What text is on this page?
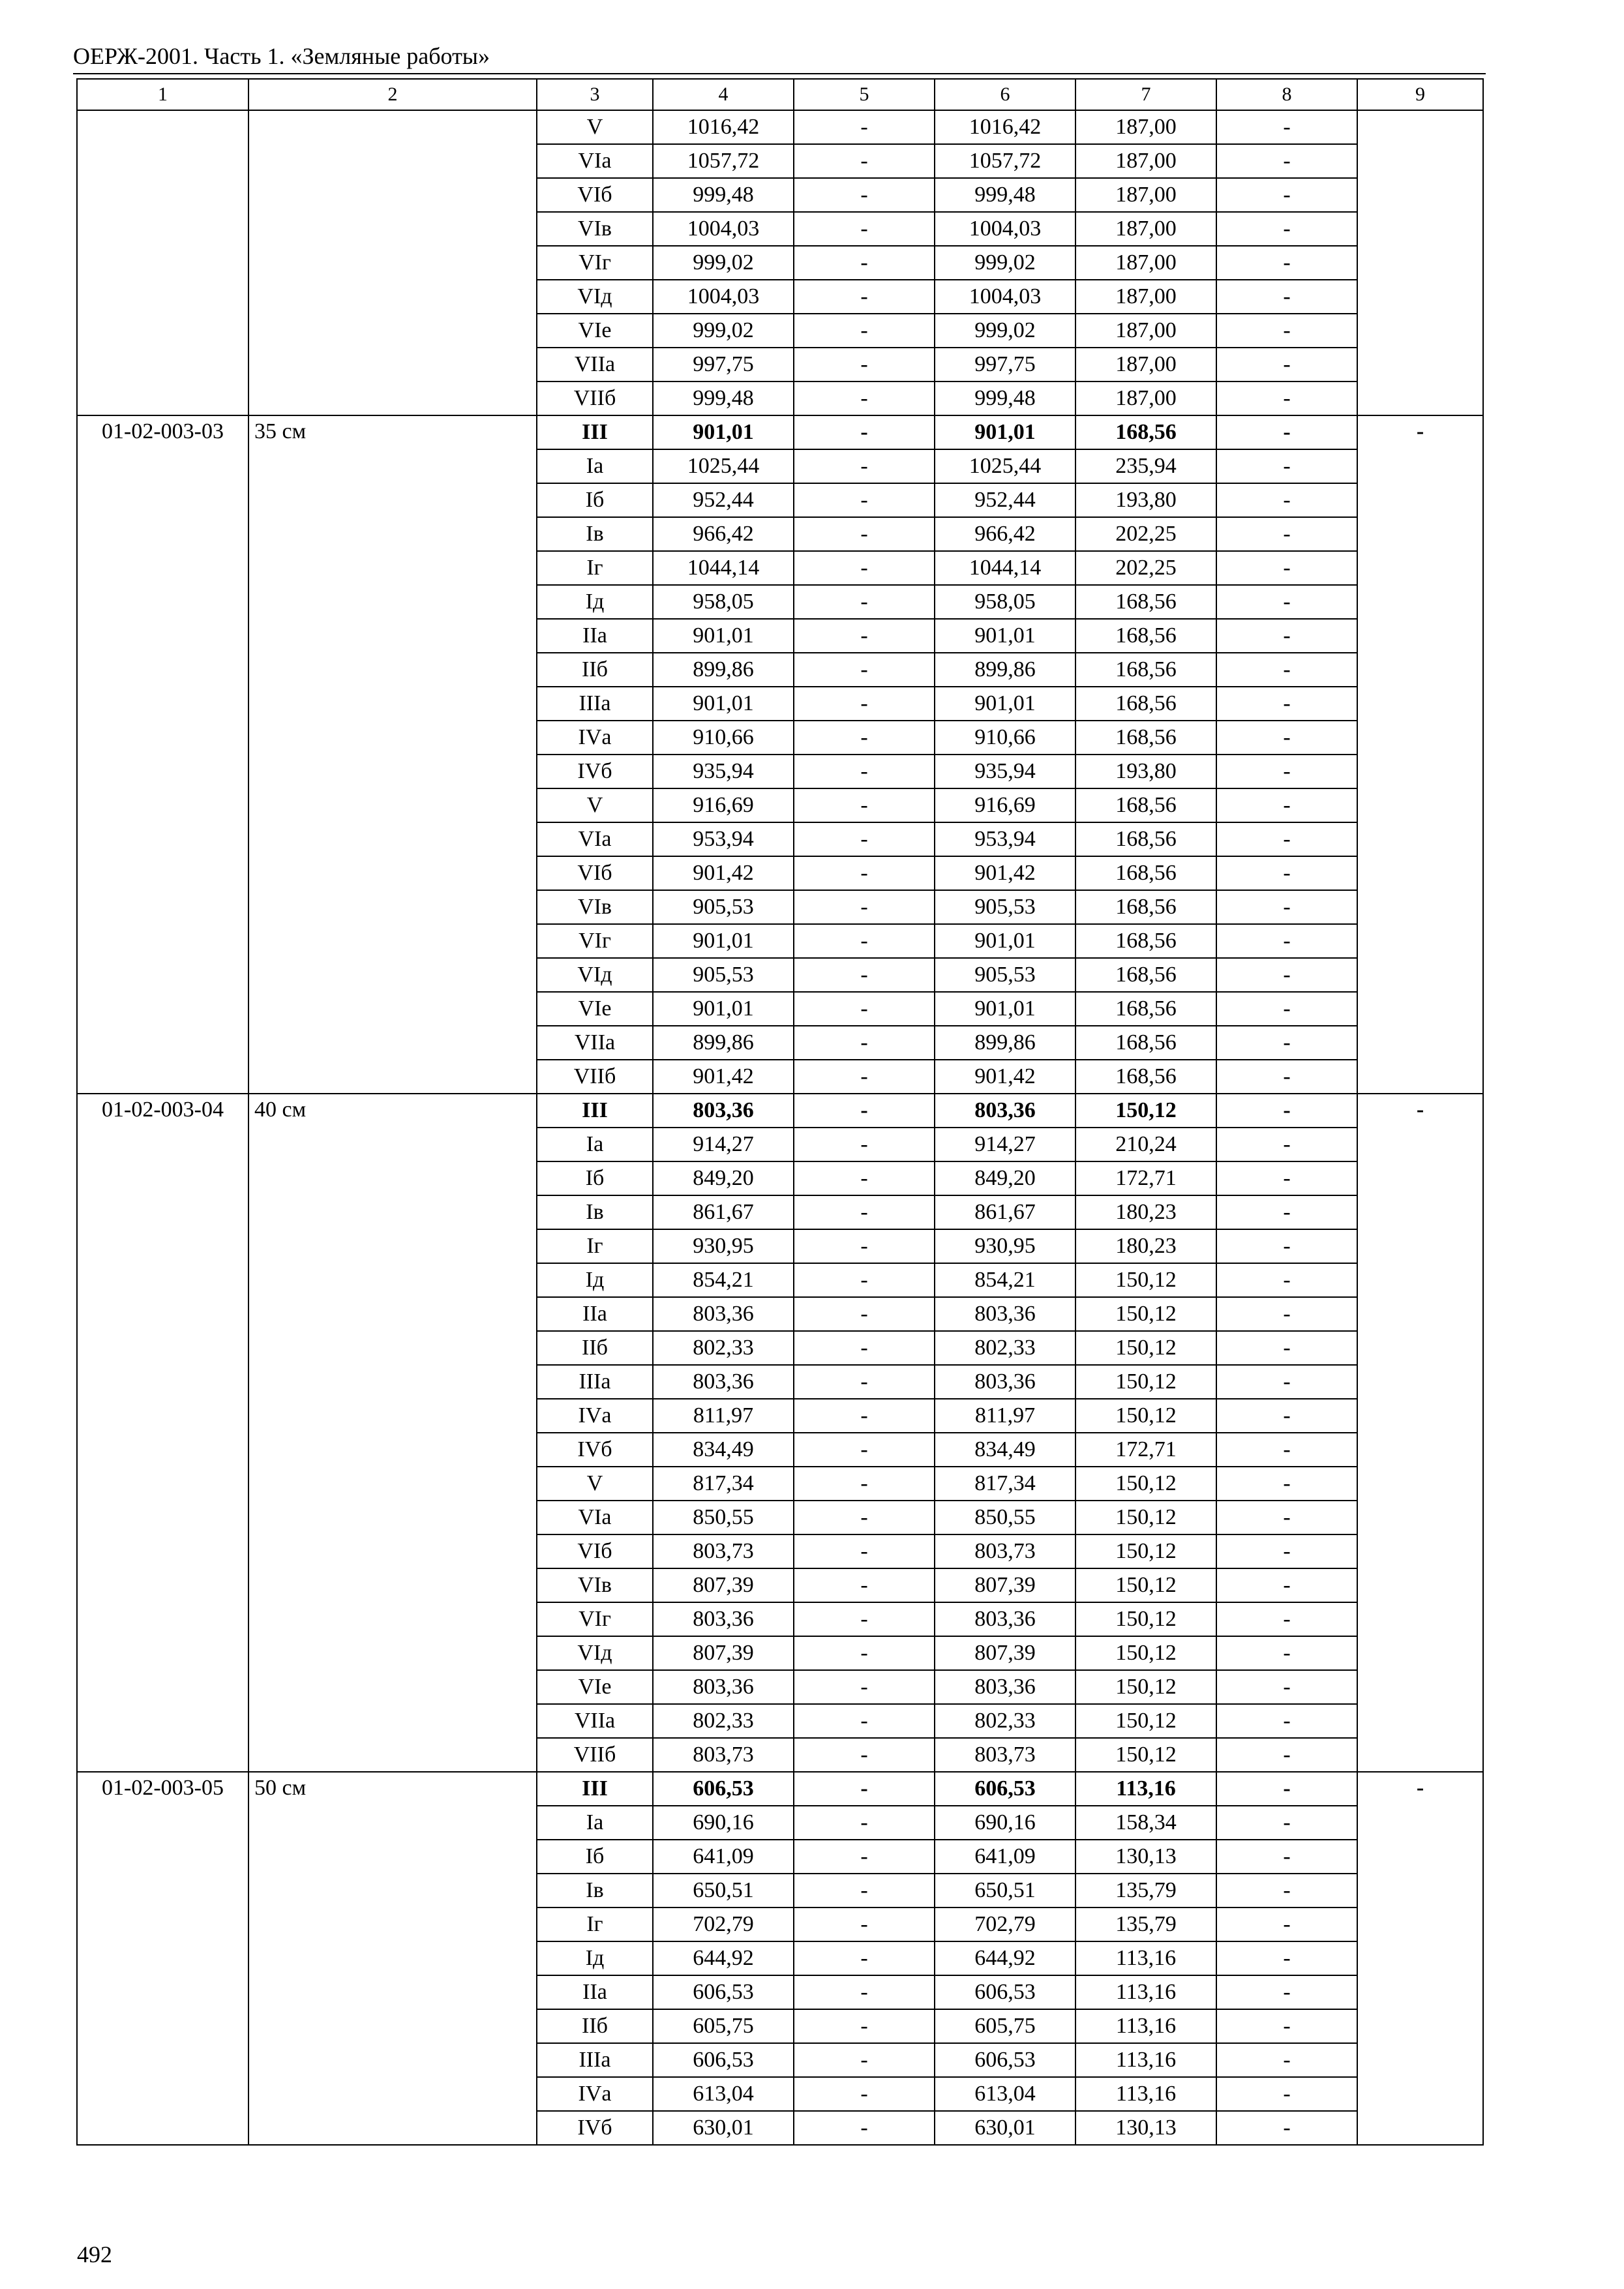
ОЕРЖ-2001. Часть 1. «Земляные работы»
1	2	3	4	5	6	7	8	9
		V	1016,42	-	1016,42	187,00	-	
		VIа	1057,72	-	1057,72	187,00	-	
		VIб	999,48	-	999,48	187,00	-	
		VIв	1004,03	-	1004,03	187,00	-	
		VIг	999,02	-	999,02	187,00	-	
		VIд	1004,03	-	1004,03	187,00	-	
		VIе	999,02	-	999,02	187,00	-	
		VIIа	997,75	-	997,75	187,00	-	
		VIIб	999,48	-	999,48	187,00	-	
01-02-003-03	35 см	III	901,01	-	901,01	168,56	-	-
		Iа	1025,44	-	1025,44	235,94	-	
		Iб	952,44	-	952,44	193,80	-	
		Iв	966,42	-	966,42	202,25	-	
		Iг	1044,14	-	1044,14	202,25	-	
		Iд	958,05	-	958,05	168,56	-	
		IIа	901,01	-	901,01	168,56	-	
		IIб	899,86	-	899,86	168,56	-	
		IIIа	901,01	-	901,01	168,56	-	
		IVа	910,66	-	910,66	168,56	-	
		IVб	935,94	-	935,94	193,80	-	
		V	916,69	-	916,69	168,56	-	
		VIа	953,94	-	953,94	168,56	-	
		VIб	901,42	-	901,42	168,56	-	
		VIв	905,53	-	905,53	168,56	-	
		VIг	901,01	-	901,01	168,56	-	
		VIд	905,53	-	905,53	168,56	-	
		VIе	901,01	-	901,01	168,56	-	
		VIIа	899,86	-	899,86	168,56	-	
		VIIб	901,42	-	901,42	168,56	-	
01-02-003-04	40 см	III	803,36	-	803,36	150,12	-	-
		Iа	914,27	-	914,27	210,24	-	
		Iб	849,20	-	849,20	172,71	-	
		Iв	861,67	-	861,67	180,23	-	
		Iг	930,95	-	930,95	180,23	-	
		Iд	854,21	-	854,21	150,12	-	
		IIа	803,36	-	803,36	150,12	-	
		IIб	802,33	-	802,33	150,12	-	
		IIIа	803,36	-	803,36	150,12	-	
		IVа	811,97	-	811,97	150,12	-	
		IVб	834,49	-	834,49	172,71	-	
		V	817,34	-	817,34	150,12	-	
		VIа	850,55	-	850,55	150,12	-	
		VIб	803,73	-	803,73	150,12	-	
		VIв	807,39	-	807,39	150,12	-	
		VIг	803,36	-	803,36	150,12	-	
		VIд	807,39	-	807,39	150,12	-	
		VIе	803,36	-	803,36	150,12	-	
		VIIа	802,33	-	802,33	150,12	-	
		VIIб	803,73	-	803,73	150,12	-	
01-02-003-05	50 см	III	606,53	-	606,53	113,16	-	-
		Iа	690,16	-	690,16	158,34	-	
		Iб	641,09	-	641,09	130,13	-	
		Iв	650,51	-	650,51	135,79	-	
		Iг	702,79	-	702,79	135,79	-	
		Iд	644,92	-	644,92	113,16	-	
		IIа	606,53	-	606,53	113,16	-	
		IIб	605,75	-	605,75	113,16	-	
		IIIа	606,53	-	606,53	113,16	-	
		IVа	613,04	-	613,04	113,16	-	
		IVб	630,01	-	630,01	130,13	-	
492
